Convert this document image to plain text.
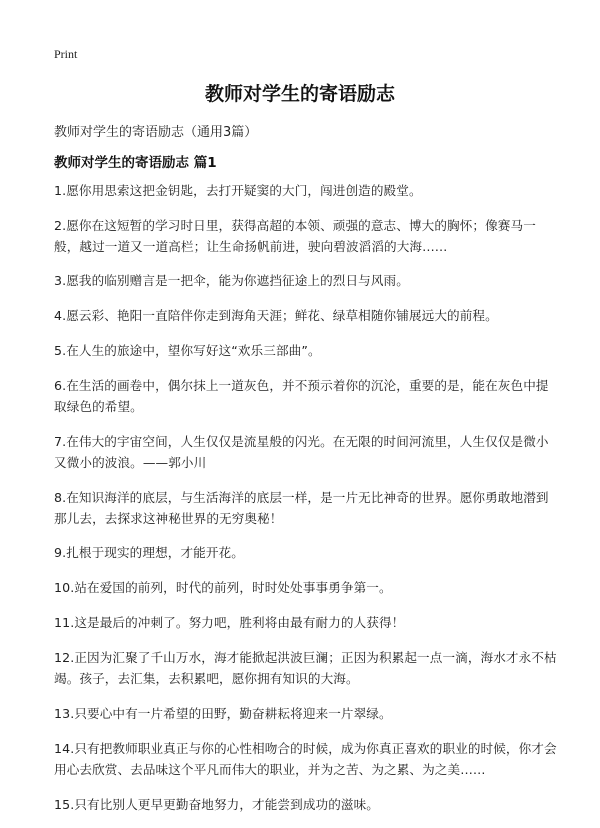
Print
教师对学生的寄语励志
教师对学生的寄语励志（通用3篇）
教师对学生的寄语励志 篇1
1.愿你用思索这把金钥匙，去打开疑窦的大门，闯进创造的殿堂。
2.愿你在这短暂的学习时日里，获得高超的本领、顽强的意志、博大的胸怀；像赛马一般，越过一道又一道高栏；让生命扬帆前进，驶向碧波滔滔的大海……
3.愿我的临别赠言是一把伞，能为你遮挡征途上的烈日与风雨。
4.愿云彩、艳阳一直陪伴你走到海角天涯；鲜花、绿草相随你铺展远大的前程。
5.在人生的旅途中，望你写好这“欢乐三部曲”。
6.在生活的画卷中，偶尔抹上一道灰色，并不预示着你的沉沦，重要的是，能在灰色中提取绿色的希望。
7.在伟大的宇宙空间，人生仅仅是流星般的闪光。在无限的时间河流里，人生仅仅是微小又微小的波浪。——郭小川
8.在知识海洋的底层，与生活海洋的底层一样，是一片无比神奇的世界。愿你勇敢地潜到那儿去，去探求这神秘世界的无穷奥秘！
9.扎根于现实的理想，才能开花。
10.站在爱国的前列，时代的前列，时时处处事事勇争第一。
11.这是最后的冲刺了。努力吧，胜利将由最有耐力的人获得！
12.正因为汇聚了千山万水，海才能掀起洪波巨澜；正因为积累起一点一滴，海水才永不枯竭。孩子，去汇集，去积累吧，愿你拥有知识的大海。
13.只要心中有一片希望的田野，勤奋耕耘将迎来一片翠绿。
14.只有把教师职业真正与你的心性相吻合的时候，成为你真正喜欢的职业的时候，你才会用心去欣赏、去品味这个平凡而伟大的职业，并为之苦、为之累、为之美……
15.只有比别人更早更勤奋地努力，才能尝到成功的滋味。
